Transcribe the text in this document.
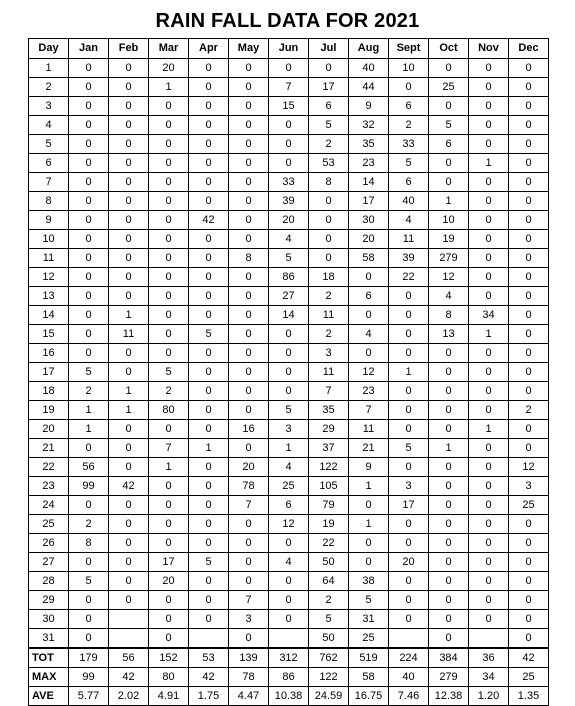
RAIN FALL DATA FOR 2021
Day	Jan	Feb	Mar	Apr	May	Jun	Jul	Aug	Sept	Oct	Nov	Dec
1	0	0	20	0	0	0	0	40	10	0	0	0
2	0	0	1	0	0	7	17	44	0	25	0	0
3	0	0	0	0	0	15	6	9	6	0	0	0
4	0	0	0	0	0	0	5	32	2	5	0	0
5	0	0	0	0	0	0	2	35	33	6	0	0
6	0	0	0	0	0	0	53	23	5	0	1	0
7	0	0	0	0	0	33	8	14	6	0	0	0
8	0	0	0	0	0	39	0	17	40	1	0	0
9	0	0	0	42	0	20	0	30	4	10	0	0
10	0	0	0	0	0	4	0	20	11	19	0	0
11	0	0	0	0	8	5	0	58	39	279	0	0
12	0	0	0	0	0	86	18	0	22	12	0	0
13	0	0	0	0	0	27	2	6	0	4	0	0
14	0	1	0	0	0	14	11	0	0	8	34	0
15	0	11	0	5	0	0	2	4	0	13	1	0
16	0	0	0	0	0	0	3	0	0	0	0	0
17	5	0	5	0	0	0	11	12	1	0	0	0
18	2	1	2	0	0	0	7	23	0	0	0	0
19	1	1	80	0	0	5	35	7	0	0	0	2
20	1	0	0	0	16	3	29	11	0	0	1	0
21	0	0	7	1	0	1	37	21	5	1	0	0
22	56	0	1	0	20	4	122	9	0	0	0	12
23	99	42	0	0	78	25	105	1	3	0	0	3
24	0	0	0	0	7	6	79	0	17	0	0	25
25	2	0	0	0	0	12	19	1	0	0	0	0
26	8	0	0	0	0	0	22	0	0	0	0	0
27	0	0	17	5	0	4	50	0	20	0	0	0
28	5	0	20	0	0	0	64	38	0	0	0	0
29	0	0	0	0	7	0	2	5	0	0	0	0
30	0		0	0	3	0	5	31	0	0	0	0
31	0		0		0		50	25		0		0
TOT	179	56	152	53	139	312	762	519	224	384	36	42
MAX	99	42	80	42	78	86	122	58	40	279	34	25
AVE	5.77	2.02	4.91	1.75	4.47	10.38	24.59	16.75	7.46	12.38	1.20	1.35
